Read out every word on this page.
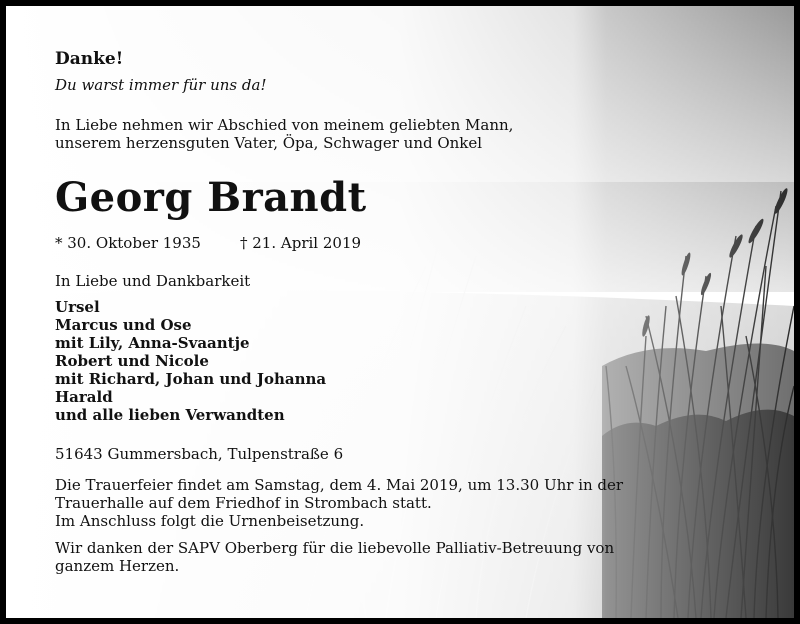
Danke!
Du warst immer für uns da!
In Liebe nehmen wir Abschied von meinem geliebten Mann,
unserem herzensguten Vater, Öpa, Schwager und Onkel
Georg Brandt
* 30. Oktober 1935	† 21. April 2019
In Liebe und Dankbarkeit
Ursel
Marcus und Ose
mit Lily, Anna-Svaantje
Robert und Nicole
mit Richard, Johan und Johanna
Harald
und alle lieben Verwandten
51643 Gummersbach, Tulpenstraße 6
Die Trauerfeier findet am Samstag, dem 4. Mai 2019, um 13.30 Uhr in der
Trauerhalle auf dem Friedhof in Strombach statt.
Im Anschluss folgt die Urnenbeisetzung.
Wir danken der SAPV Oberberg für die liebevolle Palliativ-Betreuung von
ganzem Herzen.
